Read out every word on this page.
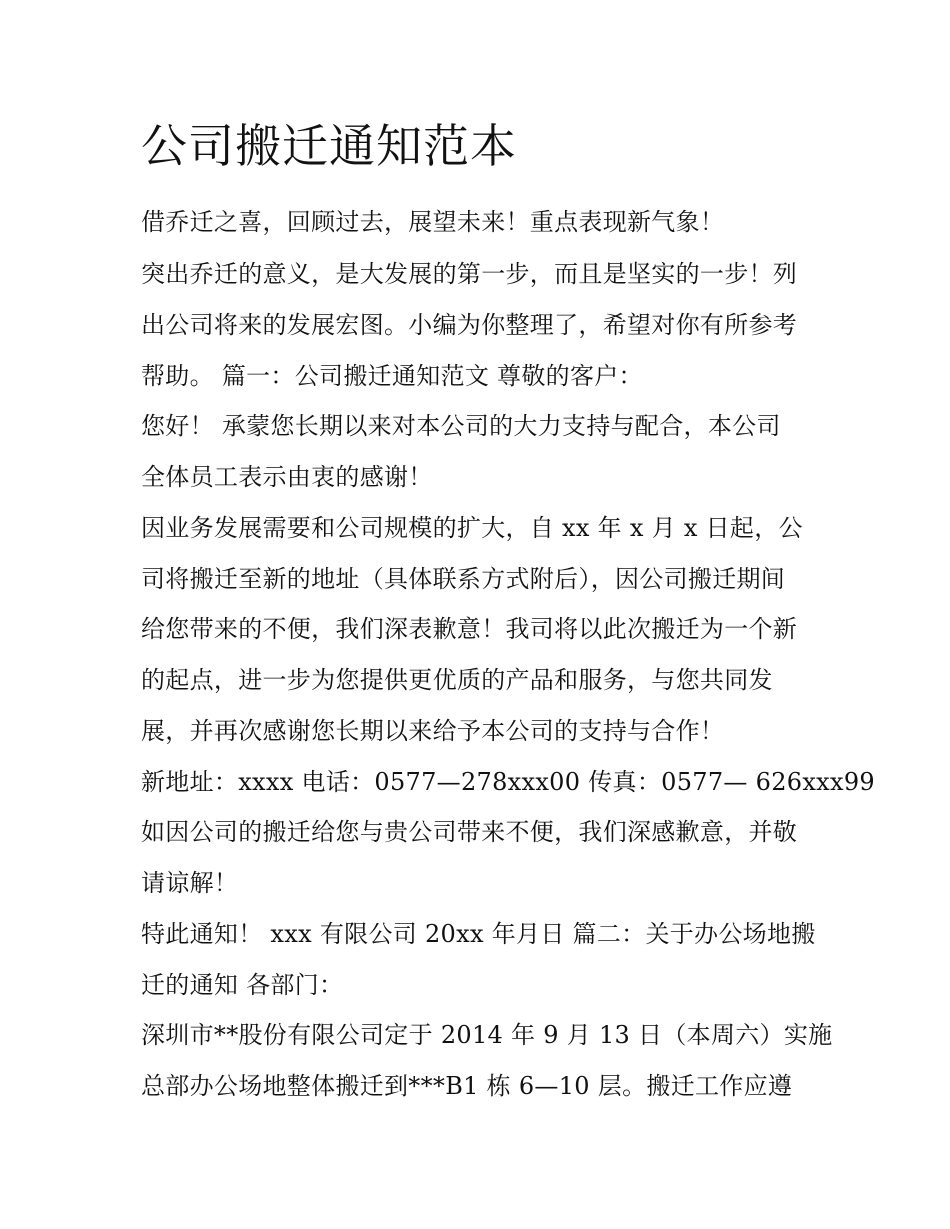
公司搬迁通知范本

借乔迁之喜，回顾过去，展望未来！重点表现新气象！

突出乔迁的意义，是大发展的第一步，而且是坚实的一步！列

出公司将来的发展宏图。小编为你整理了，希望对你有所参考

帮助。 篇一：公司搬迁通知范文 尊敬的客户：

您好！ 承蒙您长期以来对本公司的大力支持与配合，本公司

全体员工表示由衷的感谢！

因业务发展需要和公司规模的扩大，自 xx 年 x 月 x 日起，公

司将搬迁至新的地址（具体联系方式附后），因公司搬迁期间

给您带来的不便，我们深表歉意！我司将以此次搬迁为一个新

的起点，进一步为您提供更优质的产品和服务，与您共同发

展，并再次感谢您长期以来给予本公司的支持与合作！

新地址：xxxx 电话：0577—278xxx00 传真：0577— 626xxx99

如因公司的搬迁给您与贵公司带来不便，我们深感歉意，并敬

请谅解！

特此通知！ xxx 有限公司 20xx 年月日 篇二：关于办公场地搬

迁的通知 各部门：

深圳市**股份有限公司定于 2014 年 9 月 13 日（本周六）实施

总部办公场地整体搬迁到***B1 栋 6—10 层。搬迁工作应遵
